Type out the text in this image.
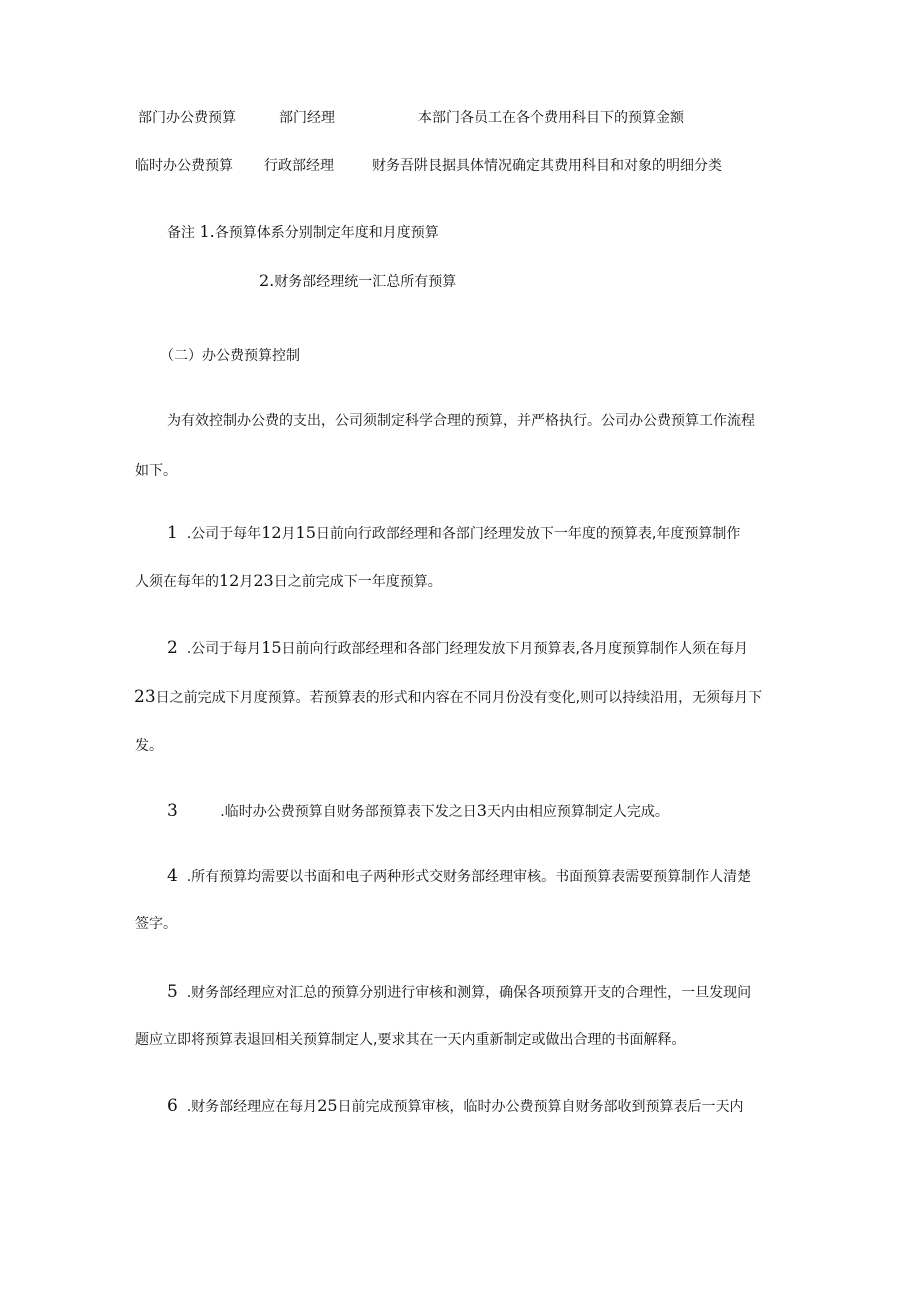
部门办公费预算	部门经理	本部门各员工在各个费用科目下的预算金额
临时办公费预算 行政部经理	财务吾阱艮据具体情况确定其费用科目和对象的明细分类
备注 1.各预算体系分别制定年度和月度预算
2.财务部经理统一汇总所有预算
（二）办公费预算控制
为有效控制办公费的支出，公司须制定科学合理的预算，并严格执行。公司办公费预算工作流程
如下。
1 .公司于每年12月15日前向行政部经理和各部门经理发放下一年度的预算表,年度预算制作
人须在每年的12月23日之前完成下一年度预算。
2 .公司于每月15日前向行政部经理和各部门经理发放下月预算表,各月度预算制作人须在每月
23日之前完成下月度预算。若预算表的形式和内容在不同月份没有变化,则可以持续沿用，无须每月下
发。
3	.临时办公费预算自财务部预算表下发之日3天内由相应预算制定人完成。
4 .所有预算均需要以书面和电子两种形式交财务部经理审核。书面预算表需要预算制作人清楚
签字。
5 .财务部经理应对汇总的预算分别进行审核和测算，确保各项预算开支的合理性，一旦发现问
题应立即将预算表退回相关预算制定人,要求其在一天内重新制定或做出合理的书面解释。
6 .财务部经理应在每月25日前完成预算审核，临时办公费预算自财务部收到预算表后一天内
